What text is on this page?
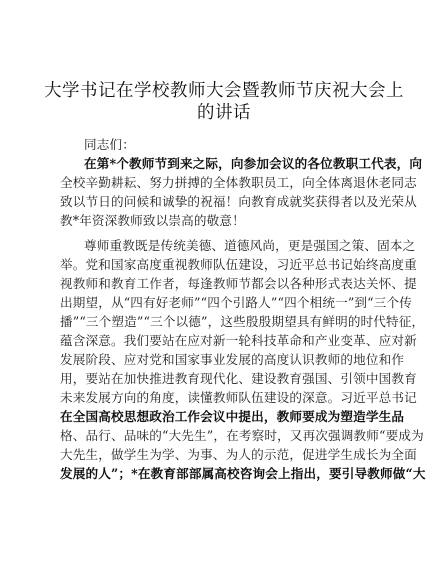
大学书记在学校教师大会暨教师节庆祝大会上
的讲话
同志们：
在第*个教师节到来之际，向参加会议的各位教职工代表，向
全校辛勤耕耘、努力拼搏的全体教职员工，向全体离退休老同志
致以节日的问候和诚挚的祝福！向教育成就奖获得者以及光荣从
教*年资深教师致以崇高的敬意！
尊师重教既是传统美德、道德风尚，更是强国之策、固本之
举。党和国家高度重视教师队伍建设，习近平总书记始终高度重
视教师和教育工作者，每逢教师节都会以各种形式表达关怀、提
出期望，从“四有好老师”“四个引路人”“四个相统一”到“三个传
播”“三个塑造”“三个以德”，这些殷殷期望具有鲜明的时代特征，
蕴含深意。我们要站在应对新一轮科技革命和产业变革、应对新
发展阶段、应对党和国家事业发展的高度认识教师的地位和作
用，要站在加快推进教育现代化、建设教育强国、引领中国教育
未来发展方向的角度，读懂教师队伍建设的深意。习近平总书记
在全国高校思想政治工作会议中提出，教师要成为塑造学生品
格、品行、品味的“大先生”，在考察时，又再次强调教师“要成为
大先生，做学生为学、为事、为人的示范，促进学生成长为全面
发展的人”；*在教育部部属高校咨询会上指出，要引导教师做“大
